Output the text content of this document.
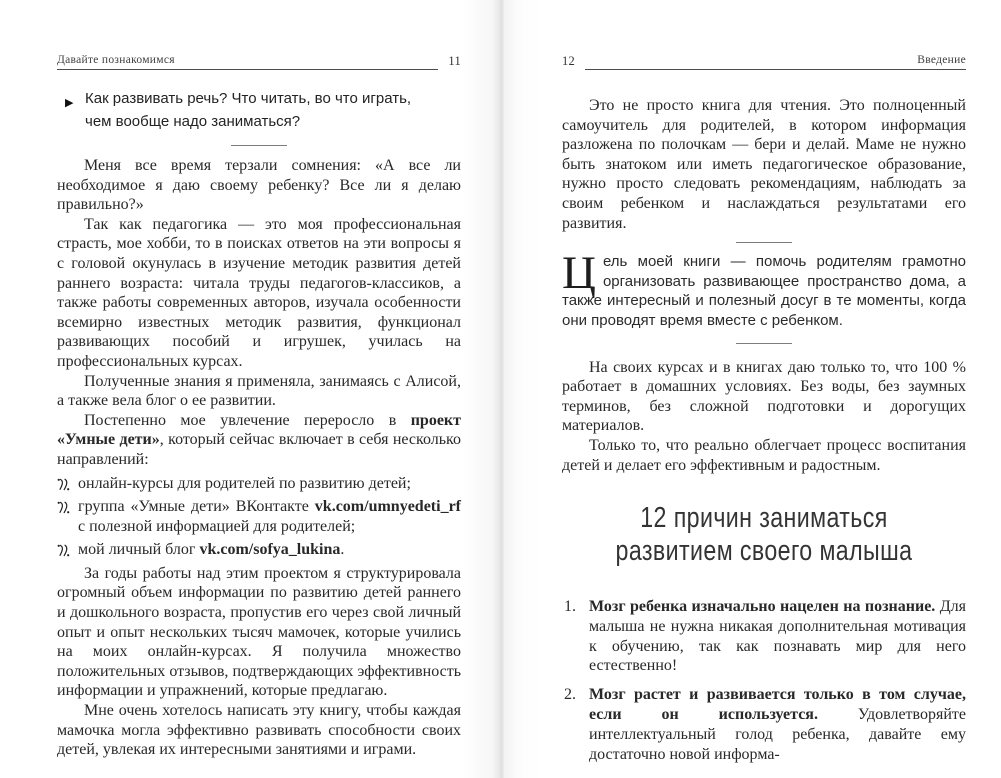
Давайте познакомимся	11
▶ Как развивать речь? Что читать, во что играть, чем вообще надо заниматься?

Меня все время терзали сомнения: «А все ли необходимое я даю своему ребенку? Все ли я делаю правильно?»

Так как педагогика — это моя профессиональная страсть, мое хобби, то в поисках ответов на эти вопросы я с головой окунулась в изучение методик развития детей раннего возраста: читала труды педагогов-классиков, а также работы современных авторов, изучала особенности всемирно известных методик развития, функционал развивающих пособий и игрушек, училась на профессиональных курсах.

Полученные знания я применяла, занимаясь с Алисой, а также вела блог о ее развитии.

Постепенно мое увлечение переросло в проект «Умные дети», который сейчас включает в себя несколько направлений:

онлайн-курсы для родителей по развитию детей;
группа «Умные дети» ВКонтакте vk.com/umnyedeti_rf с полезной информацией для родителей;
мой личный блог vk.com/sofya_lukina.

За годы работы над этим проектом я структурировала огромный объем информации по развитию детей раннего и дошкольного возраста, пропустив его через свой личный опыт и опыт нескольких тысяч мамочек, которые учились на моих онлайн-курсах. Я получила множество положительных отзывов, подтверждающих эффективность информации и упражнений, которые предлагаю.

Мне очень хотелось написать эту книгу, чтобы каждая мамочка могла эффективно развивать способности своих детей, увлекая их интересными занятиями и играми.

12	Введение

Это не просто книга для чтения. Это полноценный самоучитель для родителей, в котором информация разложена по полочкам — бери и делай. Маме не нужно быть знатоком или иметь педагогическое образование, нужно просто следовать рекомендациям, наблюдать за своим ребенком и наслаждаться результатами его развития.

Цель моей книги — помочь родителям грамотно организовать развивающее пространство дома, а также интересный и полезный досуг в те моменты, когда они проводят время вместе с ребенком.

На своих курсах и в книгах даю только то, что 100 % работает в домашних условиях. Без воды, без заумных терминов, без сложной подготовки и дорогущих материалов.

Только то, что реально облегчает процесс воспитания детей и делает его эффективным и радостным.

12 причин заниматься
развитием своего малыша
1. Мозг ребенка изначально нацелен на познание. Для малыша не нужна никакая дополнительная мотивация к обучению, так как познавать мир для него естественно!
2. Мозг растет и развивается только в том случае, если он используется. Удовлетворяйте интеллектуальный голод ребенка, давайте ему достаточно новой информа-
